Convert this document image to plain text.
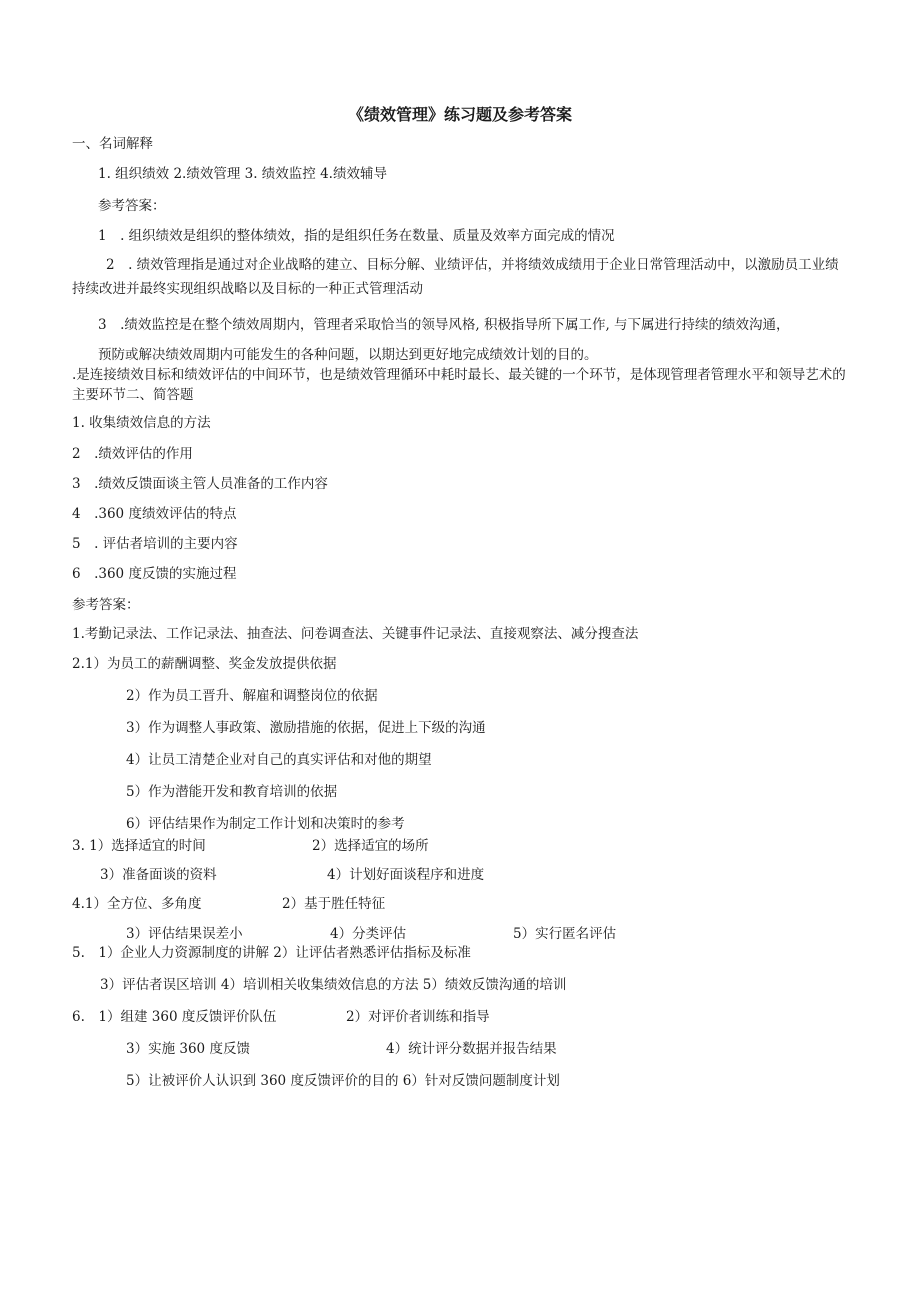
《绩效管理》练习题及参考答案
一、名词解释
1. 组织绩效 2.绩效管理 3. 绩效监控 4.绩效辅导
参考答案：
1　. 组织绩效是组织的整体绩效，指的是组织任务在数量、质量及效率方面完成的情况
2　. 绩效管理指是通过对企业战略的建立、目标分解、业绩评估，并将绩效成绩用于企业日常管理活动中，以激励员工业绩持续改进并最终实现组织战略以及目标的一种正式管理活动
3　.绩效监控是在整个绩效周期内，管理者采取恰当的领导风格, 积极指导所下属工作, 与下属进行持续的绩效沟通，
预防或解决绩效周期内可能发生的各种问题，以期达到更好地完成绩效计划的目的。
.是连接绩效目标和绩效评估的中间环节，也是绩效管理循环中耗时最长、最关键的一个环节，是体现管理者管理水平和领导艺术的主要环节二、简答题
1. 收集绩效信息的方法
2　.绩效评估的作用
3　.绩效反馈面谈主管人员准备的工作内容
4　.360 度绩效评估的特点
5　. 评估者培训的主要内容
6　.360 度反馈的实施过程
参考答案：
1.考勤记录法、工作记录法、抽查法、问卷调查法、关键事件记录法、直接观察法、减分搜查法
2.1）为员工的薪酬调整、奖金发放提供依据
2）作为员工晋升、解雇和调整岗位的依据
3）作为调整人事政策、激励措施的依据，促进上下级的沟通
4）让员工清楚企业对自己的真实评估和对他的期望
5）作为潜能开发和教育培训的依据
6）评估结果作为制定工作计划和决策时的参考
3. 1）选择适宜的时间	2）选择适宜的场所
3）准备面谈的资料	4）计划好面谈程序和进度
4.1）全方位、多角度	2）基于胜任特征
3）评估结果误差小	4）分类评估	5）实行匿名评估
5.　1）企业人力资源制度的讲解 2）让评估者熟悉评估指标及标准
3）评估者误区培训 4）培训相关收集绩效信息的方法 5）绩效反馈沟通的培训
6.　1）组建 360 度反馈评价队伍	2）对评价者训练和指导
3）实施 360 度反馈	4）统计评分数据并报告结果
5）让被评价人认识到 360 度反馈评价的目的 6）针对反馈问题制度计划
